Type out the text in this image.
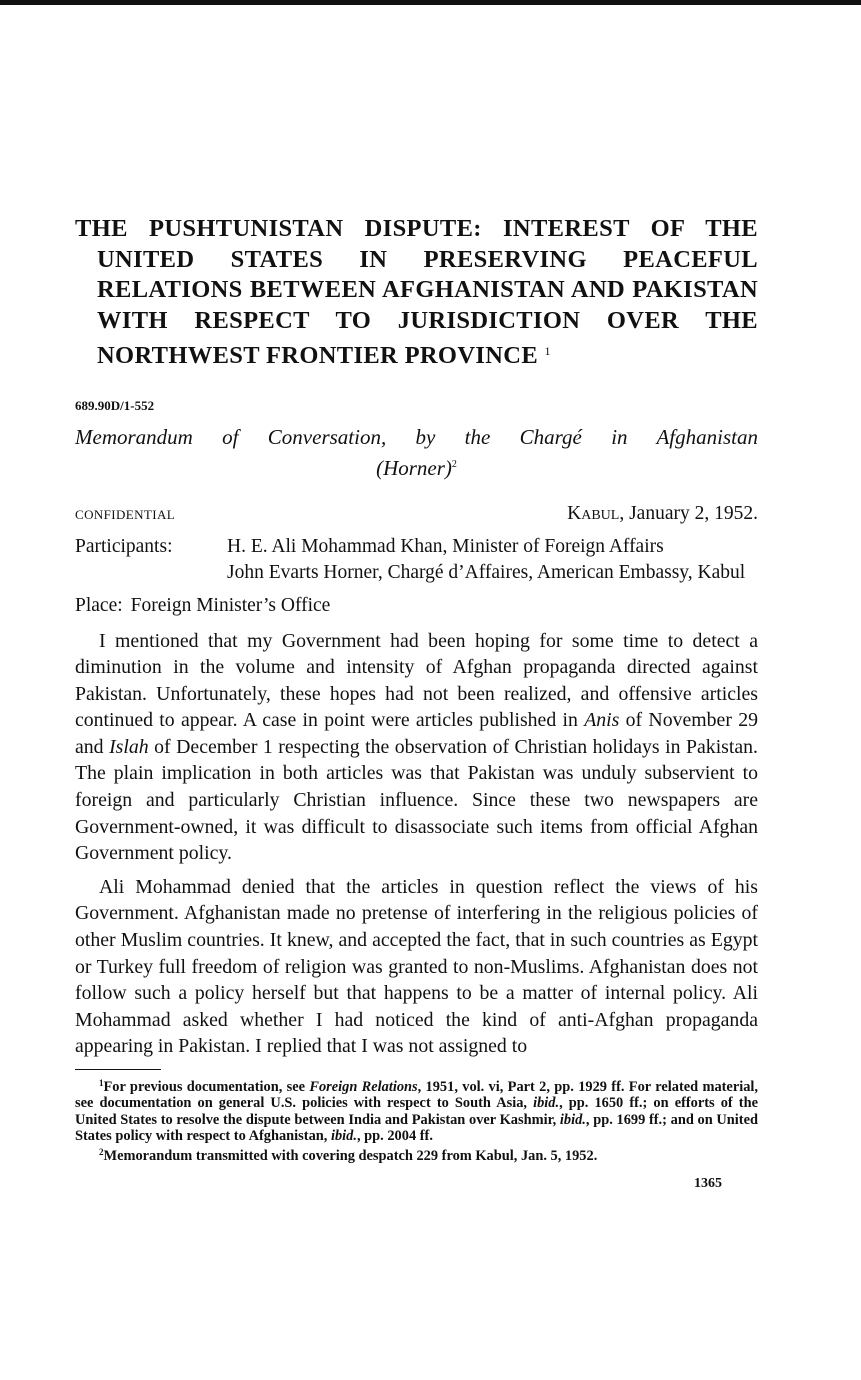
THE PUSHTUNISTAN DISPUTE: INTEREST OF THE UNITED STATES IN PRESERVING PEACEFUL RELATIONS BETWEEN AFGHANISTAN AND PAKISTAN WITH RESPECT TO JURISDICTION OVER THE NORTHWEST FRONTIER PROVINCE $^1$
689.90D/1-552
Memorandum of Conversation, by the Chargé in Afghanistan
(Horner)$^2$
CONFIDENTIAL	Kabul, January 2, 1952.
Participants:	H. E. Ali Mohammad Khan, Minister of Foreign Affairs
John Evarts Horner, Chargé d’Affaires, American Embassy, Kabul
Place: Foreign Minister’s Office

I mentioned that my Government had been hoping for some time to detect a diminution in the volume and intensity of Afghan propaganda directed against Pakistan. Unfortunately, these hopes had not been realized, and offensive articles continued to appear. A case in point were articles published in Anis of November 29 and Islah of December 1 respecting the observation of Christian holidays in Pakistan. The plain implication in both articles was that Pakistan was unduly subservient to foreign and particularly Christian influence. Since these two newspapers are Government-owned, it was difficult to disassociate such items from official Afghan Government policy.

Ali Mohammad denied that the articles in question reflect the views of his Government. Afghanistan made no pretense of interfering in the religious policies of other Muslim countries. It knew, and accepted the fact, that in such countries as Egypt or Turkey full freedom of religion was granted to non-Muslims. Afghanistan does not follow such a policy herself but that happens to be a matter of internal policy. Ali Mohammad asked whether I had noticed the kind of anti-Afghan propaganda appearing in Pakistan. I replied that I was not assigned to

$^1$For previous documentation, see Foreign Relations, 1951, vol. vi, Part 2, pp. 1929 ff. For related material, see documentation on general U.S. policies with respect to South Asia, ibid., pp. 1650 ff.; on efforts of the United States to resolve the dispute between India and Pakistan over Kashmir, ibid., pp. 1699 ff.; and on United States policy with respect to Afghanistan, ibid., pp. 2004 ff.

$^2$Memorandum transmitted with covering despatch 229 from Kabul, Jan. 5, 1952.

1365
